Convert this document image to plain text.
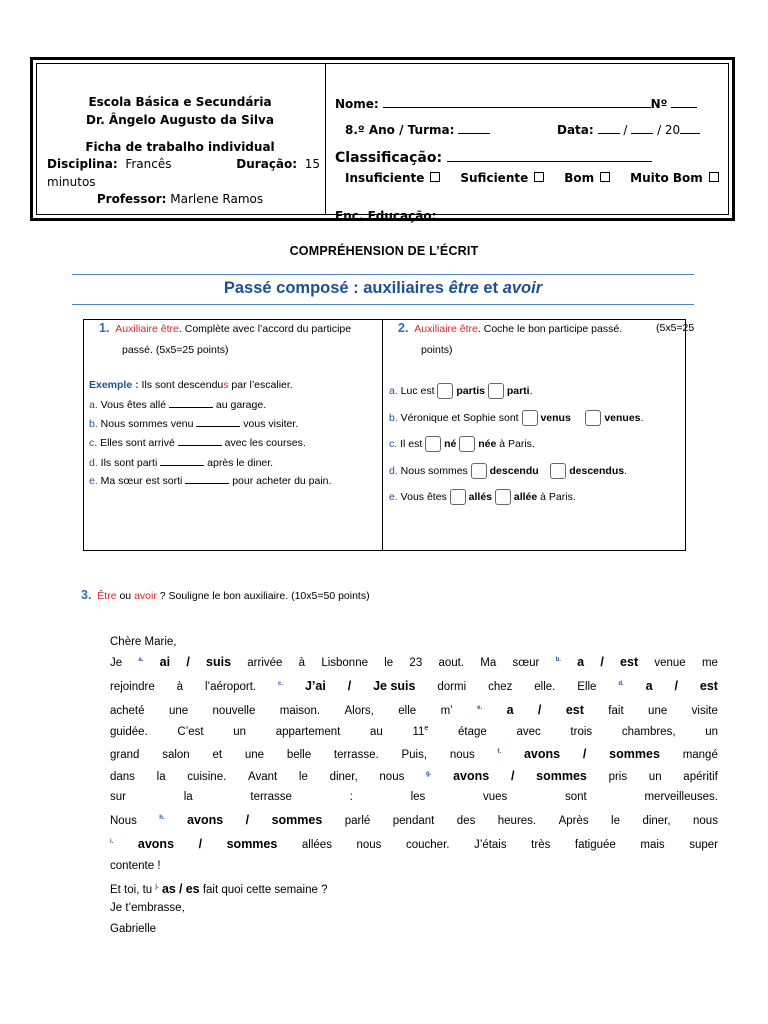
Escola Básica e Secundária
Dr. Ângelo Augusto da Silva
Ficha de trabalho individual
Disciplina: Francês	Duração: 15
minutos
Professor: Marlene Ramos
Nome:	Nº
8.º Ano / Turma:	Data: / / 20
Classificação:
Insuficiente	Suficiente	Bom	Muito Bom
Enc. Educação:
COMPRÉHENSION DE L’ÉCRIT
Passé composé : auxiliaires être et avoir
1. Auxiliaire être. Complète avec l’accord du participe
passé. (5x5=25 points)
Exemple : Ils sont descendus par l’escalier.
a. Vous êtes allé	au garage.
b. Nous sommes venu	vous visiter.
c. Elles sont arrivé	avec les courses.
d. Ils sont parti	après le diner.
e. Ma sœur est sorti	pour acheter du pain.
2. Auxiliaire être. Coche le bon participe passé.	(5x5=25
points)
a. Luc est partis parti.
b. Véronique et Sophie sont venus	venues.
c. Il est né née à Paris.
d. Nous sommes descendu	descendus.
e. Vous êtes allés allée à Paris.
3. Être ou avoir ? Souligne le bon auxiliaire. (10x5=50 points)
Chère Marie,
Je	$^{a.}$ ai / suis arrivée à Lisbonne le 23 aout. Ma sœur	$^{b.}$ a / est venue me
rejoindre à l’aéroport.	$^{c.}$ J’ai / Je suis dormi chez elle. Elle	$^{d.}$ a / est
acheté une nouvelle maison. Alors, elle m’	$^{e.}$ a / est fait une visite
guidée.	C’est	un	appartement	au	11e	étage	avec	trois	chambres,	un
grand salon et une belle terrasse. Puis, nous	$^{f.}$ avons / sommes mangé
dans la cuisine. Avant le diner, nous	$^{g.}$ avons / sommes pris un apéritif
sur	la	terrasse	:	les	vues	sont	merveilleuses.
Nous	$^{h.}$ avons / sommes parlé pendant des heures. Après le diner, nous
$^{i.}$ avons / sommes allées nous coucher. J’étais très fatiguée mais super
contente !
Et toi, tu $^{j.}$ as / es fait quoi cette semaine ?
Je t’embrasse,
Gabrielle
